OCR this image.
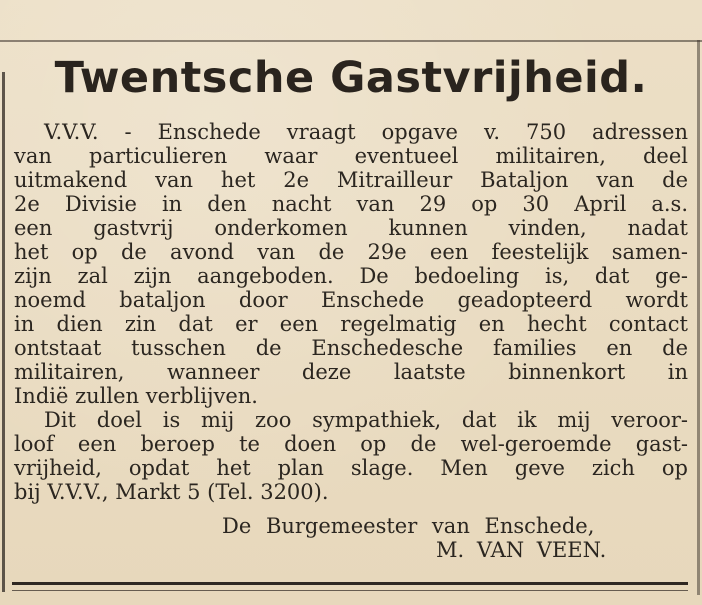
Twentsche Gastvrijheid.
V.V.V. - Enschede vraagt opgave v. 750 adressen
van particulieren waar eventueel militairen, deel
uitmakend van het 2e Mitrailleur Bataljon van de
2e Divisie in den nacht van 29 op 30 April a.s.
een gastvrij onderkomen kunnen vinden, nadat
het op de avond van de 29e een feestelijk samen-
zijn zal zijn aangeboden. De bedoeling is, dat ge-
noemd bataljon door Enschede geadopteerd wordt
in dien zin dat er een regelmatig en hecht contact
ontstaat tusschen de Enschedesche families en de
militairen, wanneer deze laatste binnenkort in
Indië zullen verblijven.
Dit doel is mij zoo sympathiek, dat ik mij veroor-
loof een beroep te doen op de wel-geroemde gast-
vrijheid, opdat het plan slage. Men geve zich op
bij V.V.V., Markt 5 (Tel. 3200).
De Burgemeester van Enschede,
M. VAN VEEN.
